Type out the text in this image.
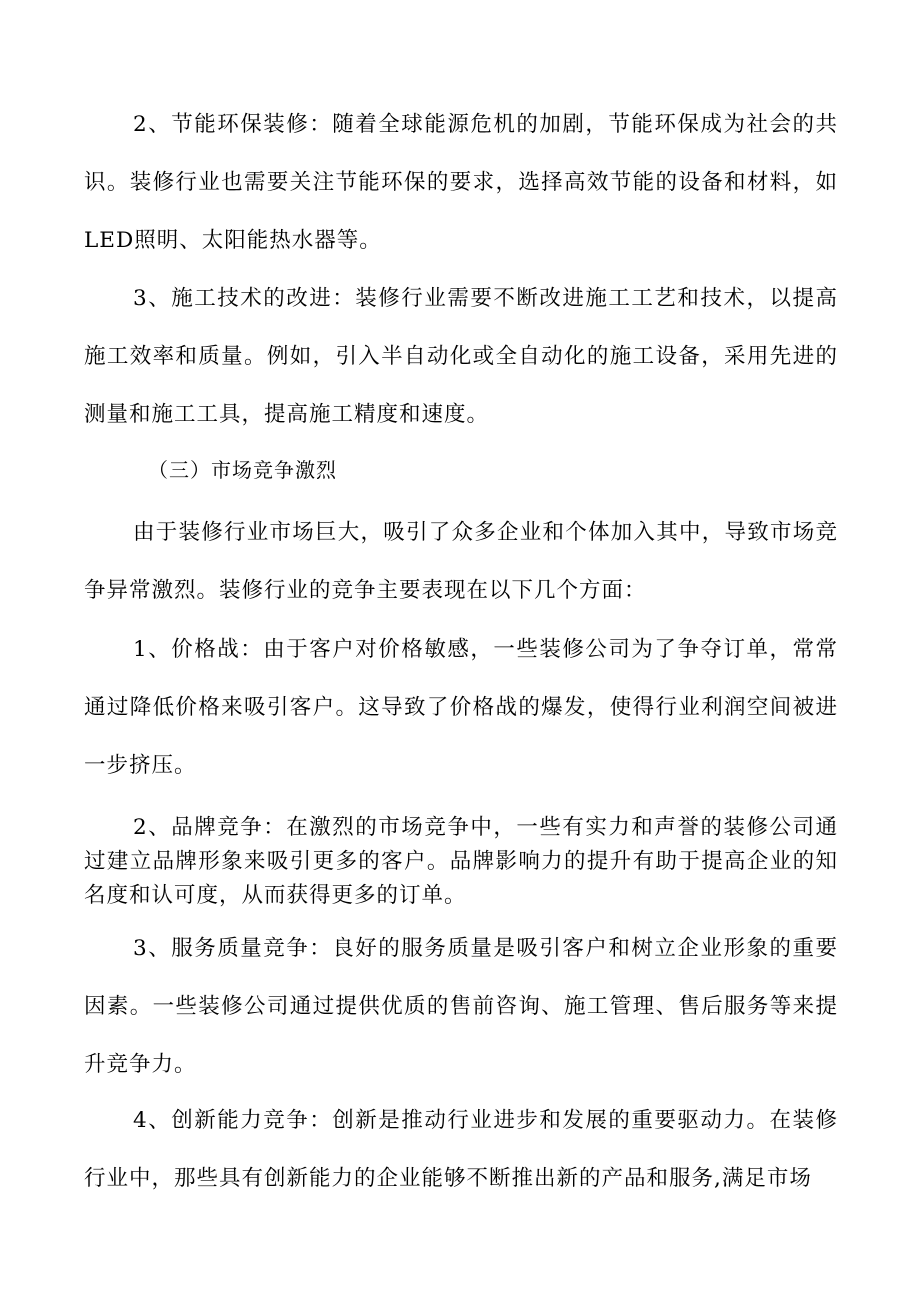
2、节能环保装修：随着全球能源危机的加剧，节能环保成为社会的共识。装修行业也需要关注节能环保的要求，选择高效节能的设备和材料，如LED照明、太阳能热水器等。

3、施工技术的改进：装修行业需要不断改进施工工艺和技术，以提高施工效率和质量。例如，引入半自动化或全自动化的施工设备，采用先进的测量和施工工具，提高施工精度和速度。

（三）市场竞争激烈

由于装修行业市场巨大，吸引了众多企业和个体加入其中，导致市场竞争异常激烈。装修行业的竞争主要表现在以下几个方面：

1、价格战：由于客户对价格敏感，一些装修公司为了争夺订单，常常通过降低价格来吸引客户。这导致了价格战的爆发，使得行业利润空间被进一步挤压。

2、品牌竞争：在激烈的市场竞争中，一些有实力和声誉的装修公司通过建立品牌形象来吸引更多的客户。品牌影响力的提升有助于提高企业的知名度和认可度，从而获得更多的订单。

3、服务质量竞争：良好的服务质量是吸引客户和树立企业形象的重要因素。一些装修公司通过提供优质的售前咨询、施工管理、售后服务等来提升竞争力。

4、创新能力竞争：创新是推动行业进步和发展的重要驱动力。在装修行业中，那些具有创新能力的企业能够不断推出新的产品和服务,满足市场
